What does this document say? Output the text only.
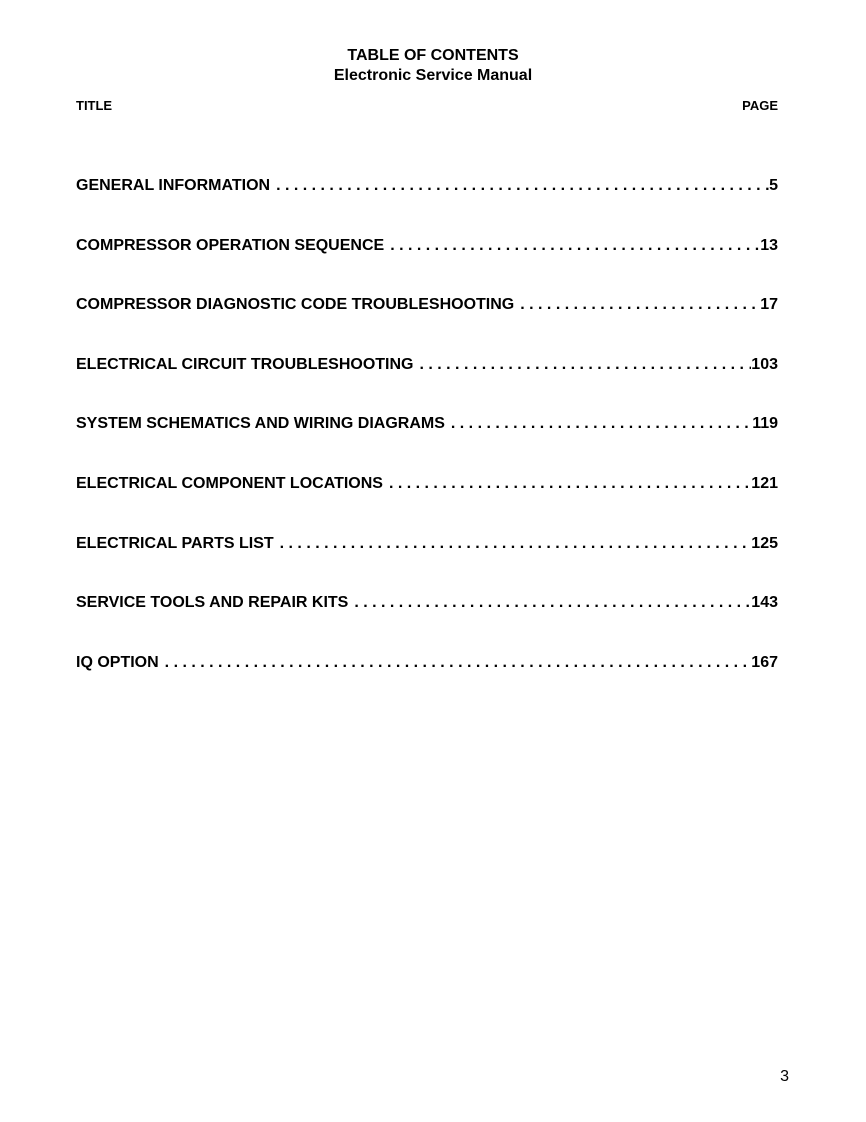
TABLE OF CONTENTS
Electronic Service Manual
TITLE	PAGE
GENERAL INFORMATION . . .	5
COMPRESSOR OPERATION SEQUENCE . . .	13
COMPRESSOR DIAGNOSTIC CODE TROUBLESHOOTING . . .	17
ELECTRICAL CIRCUIT TROUBLESHOOTING . . .	103
SYSTEM SCHEMATICS AND WIRING DIAGRAMS . . .	119
ELECTRICAL COMPONENT LOCATIONS . . .	121
ELECTRICAL PARTS LIST . . .	125
SERVICE TOOLS AND REPAIR KITS . . .	143
IQ OPTION . . .	167
3
